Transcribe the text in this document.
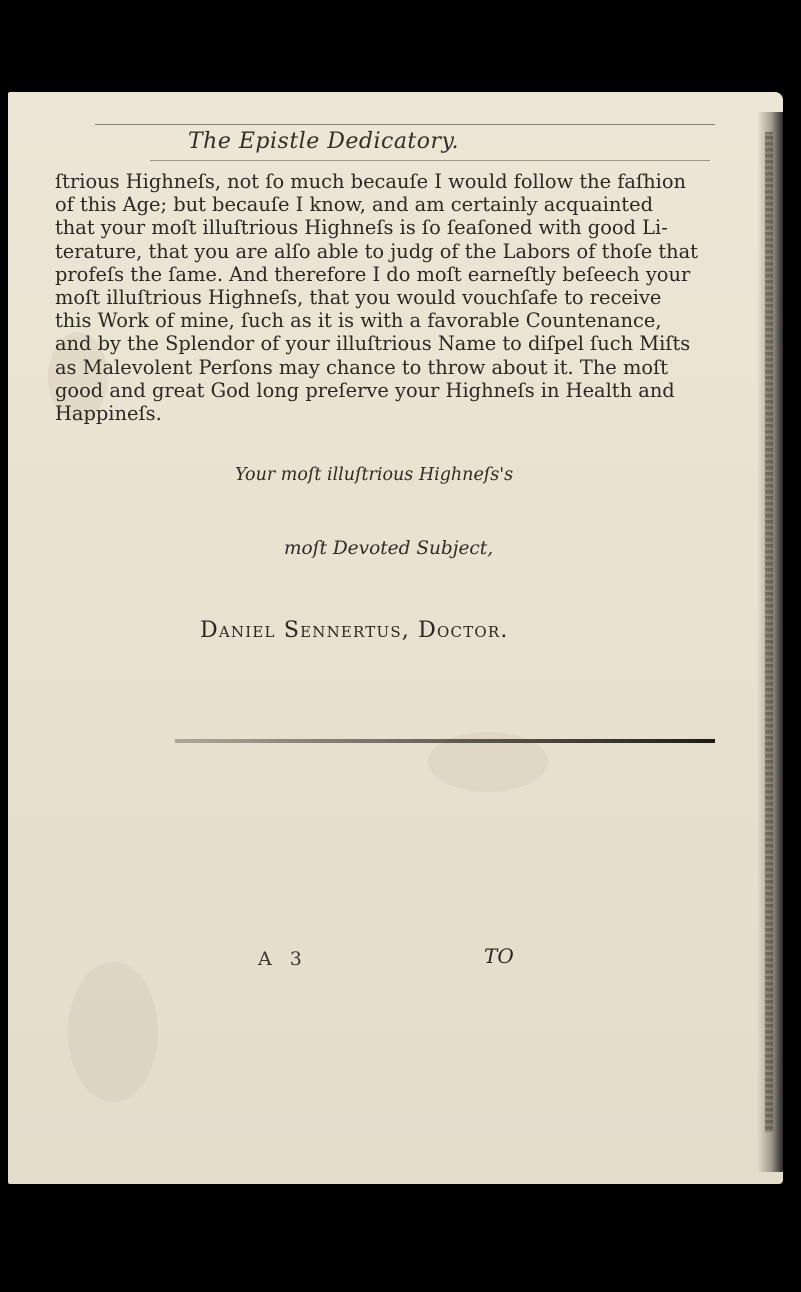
The Epistle Dedicatory.
ſtrious Highneſs, not ſo much becauſe I would follow the faſhion
of this Age; but becauſe I know, and am certainly acquainted
that your moſt illuſtrious Highneſs is ſo ſeaſoned with good Li-
terature, that you are alſo able to judg of the Labors of thoſe that
profeſs the ſame. And therefore I do moſt earneſtly beſeech your
moſt illuſtrious Highneſs, that you would vouchſafe to receive
this Work of mine, ſuch as it is with a favorable Countenance,
and by the Splendor of your illuſtrious Name to diſpel ſuch Miſts
as Malevolent Perſons may chance to throw about it. The moſt
good and great God long preſerve your Highneſs in Health and
Happineſs.
Your moſt illuſtrious Highneſs's
moſt Devoted Subject,
Daniel Sennertus, Doctor.
A 3	TO
